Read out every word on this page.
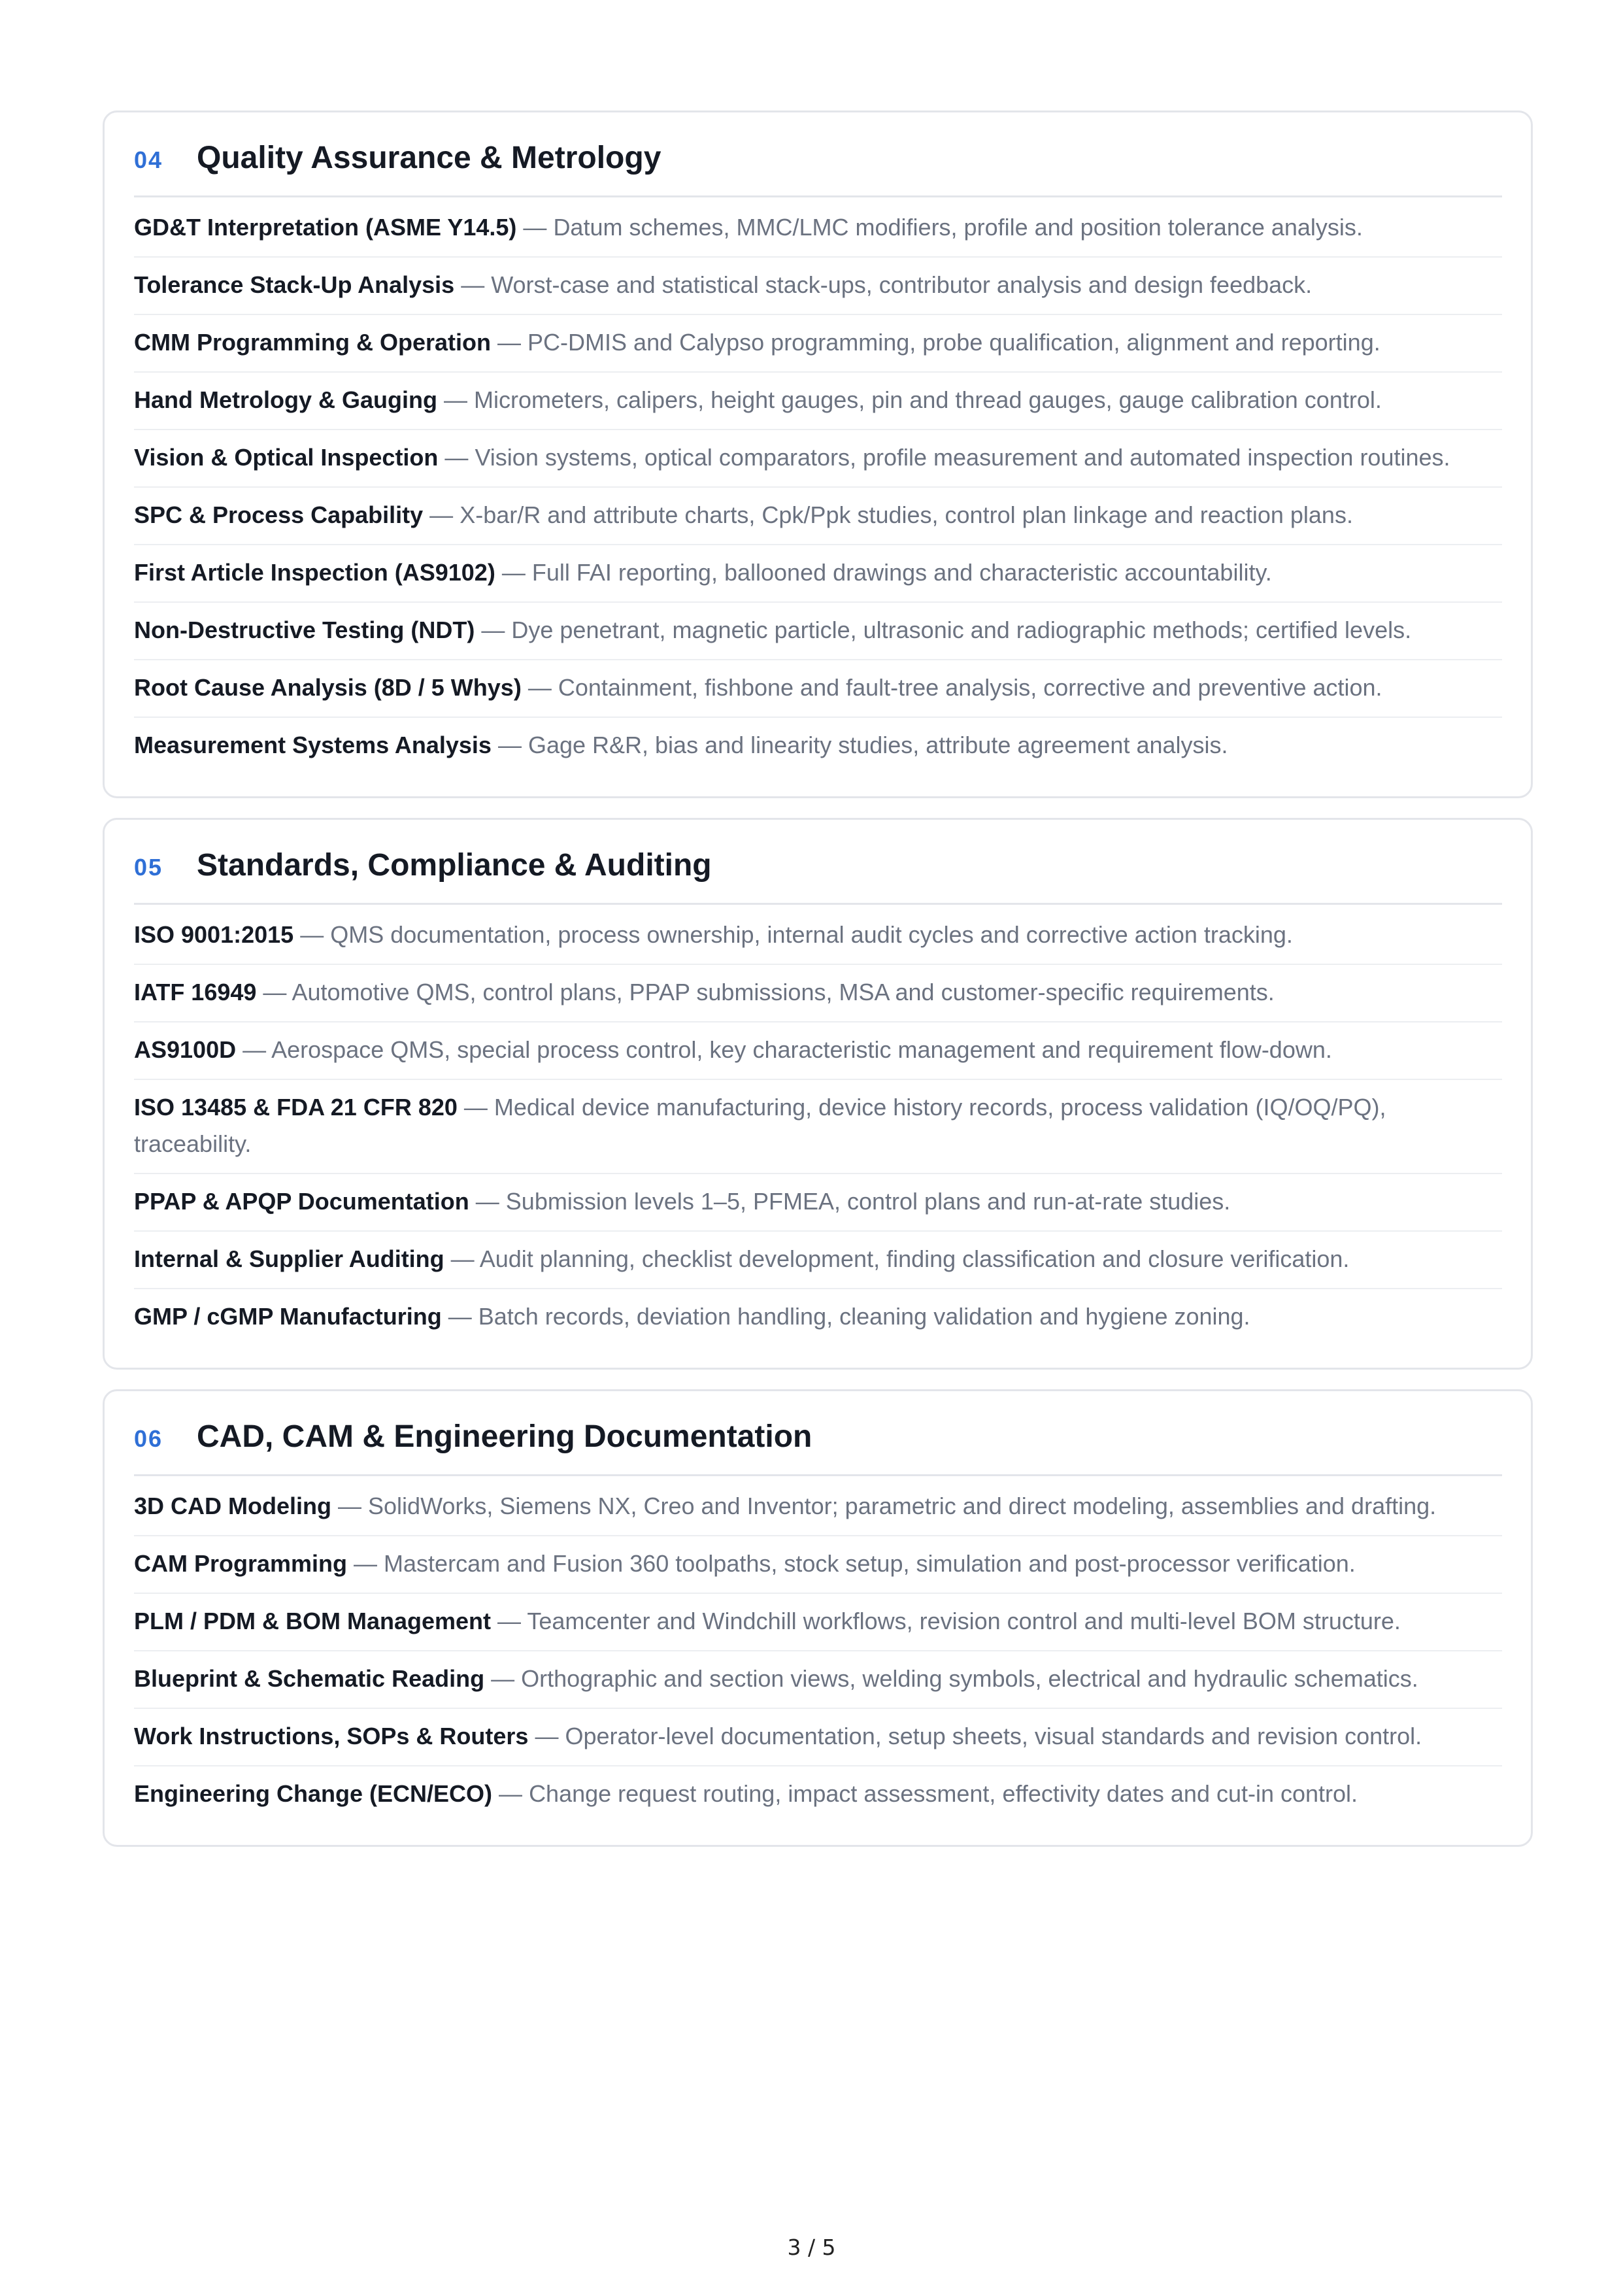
04	Quality Assurance & Metrology
GD&T Interpretation (ASME Y14.5) — Datum schemes, MMC/LMC modifiers, profile and position tolerance analysis.
Tolerance Stack-Up Analysis — Worst-case and statistical stack-ups, contributor analysis and design feedback.
CMM Programming & Operation — PC-DMIS and Calypso programming, probe qualification, alignment and reporting.
Hand Metrology & Gauging — Micrometers, calipers, height gauges, pin and thread gauges, gauge calibration control.
Vision & Optical Inspection — Vision systems, optical comparators, profile measurement and automated inspection routines.
SPC & Process Capability — X-bar/R and attribute charts, Cpk/Ppk studies, control plan linkage and reaction plans.
First Article Inspection (AS9102) — Full FAI reporting, ballooned drawings and characteristic accountability.
Non-Destructive Testing (NDT) — Dye penetrant, magnetic particle, ultrasonic and radiographic methods; certified levels.
Root Cause Analysis (8D / 5 Whys) — Containment, fishbone and fault-tree analysis, corrective and preventive action.
Measurement Systems Analysis — Gage R&R, bias and linearity studies, attribute agreement analysis.
05	Standards, Compliance & Auditing
ISO 9001:2015 — QMS documentation, process ownership, internal audit cycles and corrective action tracking.
IATF 16949 — Automotive QMS, control plans, PPAP submissions, MSA and customer-specific requirements.
AS9100D — Aerospace QMS, special process control, key characteristic management and requirement flow-down.
ISO 13485 & FDA 21 CFR 820 — Medical device manufacturing, device history records, process validation (IQ/OQ/PQ), traceability.
PPAP & APQP Documentation — Submission levels 1–5, PFMEA, control plans and run-at-rate studies.
Internal & Supplier Auditing — Audit planning, checklist development, finding classification and closure verification.
GMP / cGMP Manufacturing — Batch records, deviation handling, cleaning validation and hygiene zoning.
06	CAD, CAM & Engineering Documentation
3D CAD Modeling — SolidWorks, Siemens NX, Creo and Inventor; parametric and direct modeling, assemblies and drafting.
CAM Programming — Mastercam and Fusion 360 toolpaths, stock setup, simulation and post-processor verification.
PLM / PDM & BOM Management — Teamcenter and Windchill workflows, revision control and multi-level BOM structure.
Blueprint & Schematic Reading — Orthographic and section views, welding symbols, electrical and hydraulic schematics.
Work Instructions, SOPs & Routers — Operator-level documentation, setup sheets, visual standards and revision control.
Engineering Change (ECN/ECO) — Change request routing, impact assessment, effectivity dates and cut-in control.
3 / 5
